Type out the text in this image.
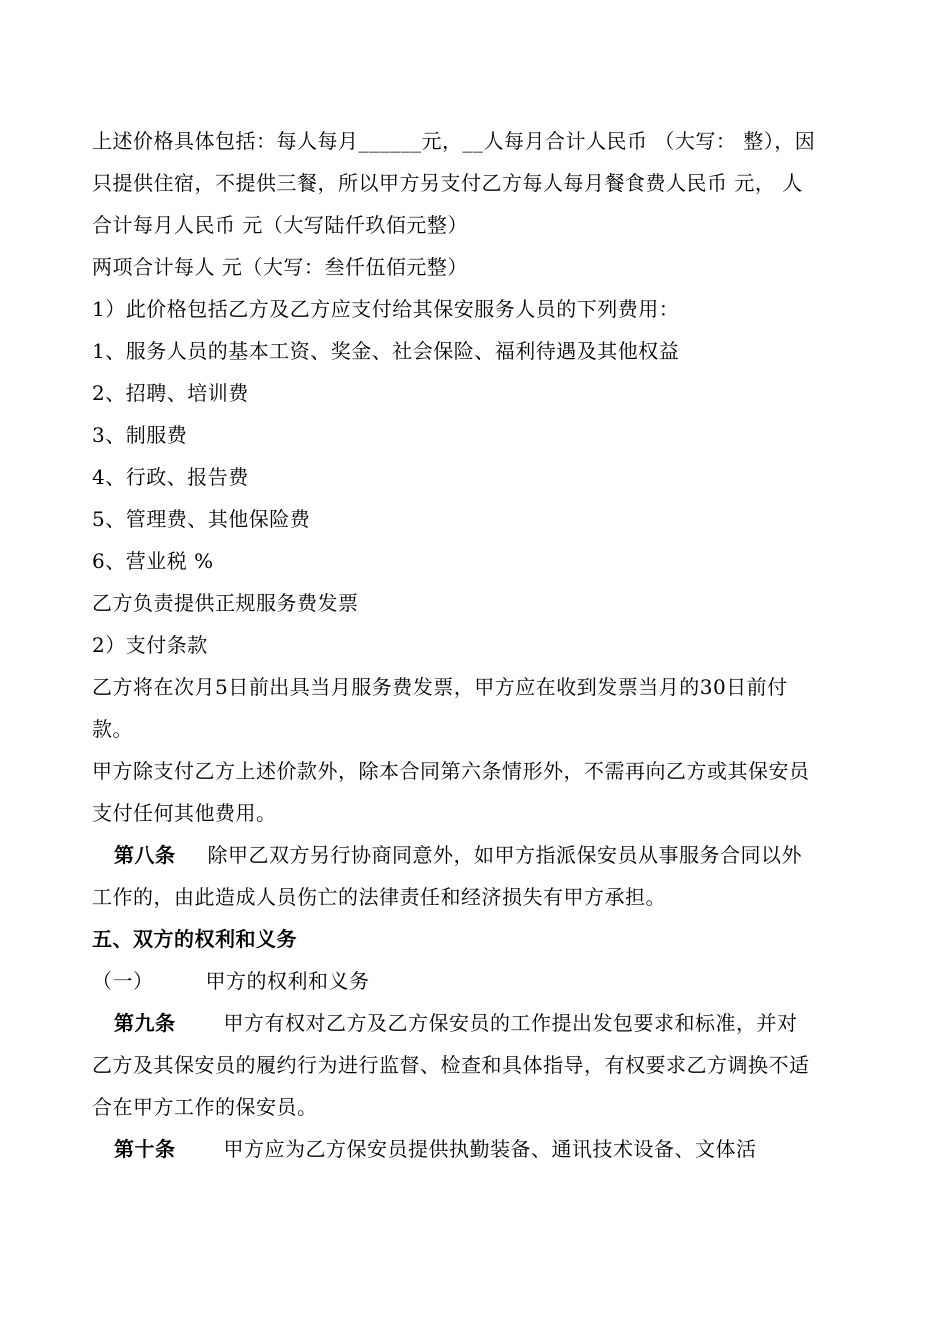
上述价格具体包括：每人每月______元，__人每月合计人民币 （大写： 整），因
只提供住宿，不提供三餐，所以甲方另支付乙方每人每月餐食费人民币 元， 人
合计每月人民币 元（大写陆仟玖佰元整）
两项合计每人 元（大写：叁仟伍佰元整）
1）此价格包括乙方及乙方应支付给其保安服务人员的下列费用：
1、服务人员的基本工资、奖金、社会保险、福利待遇及其他权益
2、招聘、培训费
3、制服费
4、行政、报告费
5、管理费、其他保险费
6、营业税 %
乙方负责提供正规服务费发票
2）支付条款
乙方将在次月5日前出具当月服务费发票，甲方应在收到发票当月的30日前付
款。
甲方除支付乙方上述价款外，除本合同第六条情形外，不需再向乙方或其保安员
支付任何其他费用。
第八条 除甲乙双方另行协商同意外，如甲方指派保安员从事服务合同以外
工作的，由此造成人员伤亡的法律责任和经济损失有甲方承担。
五、双方的权利和义务
（一）	甲方的权利和义务
第九条 甲方有权对乙方及乙方保安员的工作提出发包要求和标准，并对
乙方及其保安员的履约行为进行监督、检查和具体指导，有权要求乙方调换不适
合在甲方工作的保安员。
第十条 甲方应为乙方保安员提供执勤装备、通讯技术设备、文体活
